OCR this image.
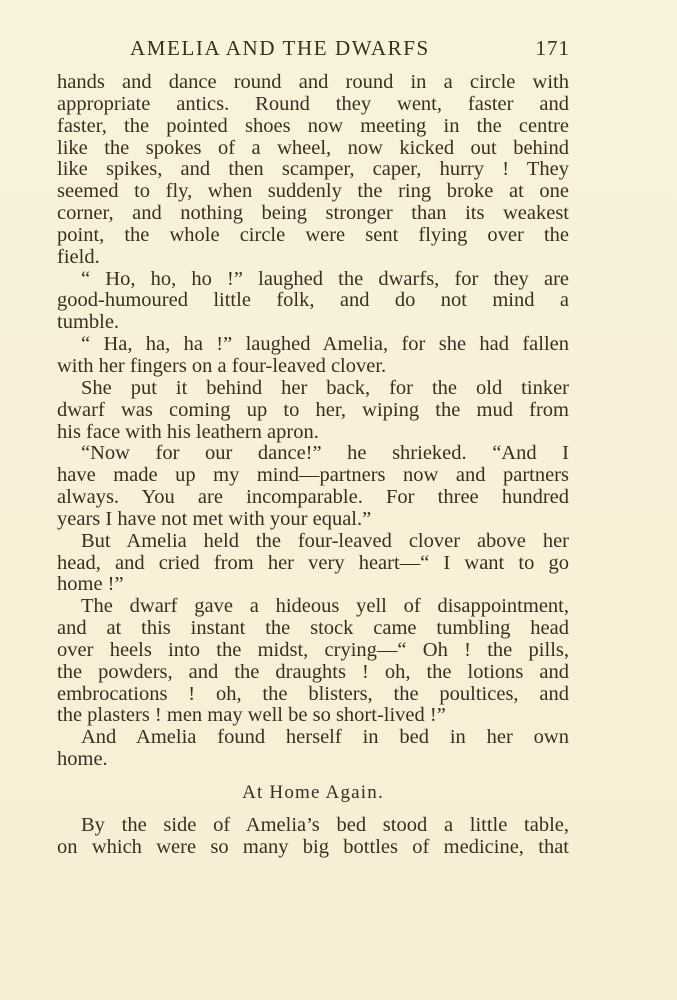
AMELIA AND THE DWARFS	171
hands and dance round and round in a circle with
appropriate antics. Round they went, faster and
faster, the pointed shoes now meeting in the centre
like the spokes of a wheel, now kicked out behind
like spikes, and then scamper, caper, hurry ! They
seemed to fly, when suddenly the ring broke at one
corner, and nothing being stronger than its weakest
point, the whole circle were sent flying over the
field.
“ Ho, ho, ho !” laughed the dwarfs, for they are
good-humoured little folk, and do not mind a
tumble.
“ Ha, ha, ha !” laughed Amelia, for she had fallen
with her fingers on a four-leaved clover.
She put it behind her back, for the old tinker
dwarf was coming up to her, wiping the mud from
his face with his leathern apron.
“Now for our dance!” he shrieked. “And I
have made up my mind—partners now and partners
always. You are incomparable. For three hundred
years I have not met with your equal.”
But Amelia held the four-leaved clover above her
head, and cried from her very heart—“ I want to go
home !”
The dwarf gave a hideous yell of disappointment,
and at this instant the stock came tumbling head
over heels into the midst, crying—“ Oh ! the pills,
the powders, and the draughts ! oh, the lotions and
embrocations ! oh, the blisters, the poultices, and
the plasters ! men may well be so short-lived !”
And Amelia found herself in bed in her own
home.
At Home Again.
By the side of Amelia’s bed stood a little table,
on which were so many big bottles of medicine, that
